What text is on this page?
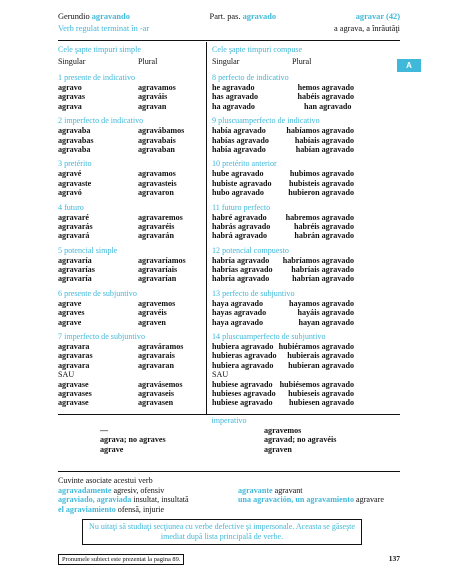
Gerundio agravando	Part. pas. agravado	agravar (42)
Verb regulat terminat în -ar	a agrava, a înrăutăţi
A
Cele şapte timpuri simple
Singular	Plural
1 presente de indicativo
agravo	agravamos
agravas	agraváis
agrava	agravan
2 imperfecto de indicativo
agravaba	agravábamos
agravabas	agravabais
agravaba	agravaban
3 pretérito
agravé	agravamos
agravaste	agravasteis
agravó	agravaron
4 futuro
agravaré	agravaremos
agravarás	agravaréis
agravará	agravarán
5 potencial simple
agravaría	agravaríamos
agravarías	agravaríais
agravaría	agravarían
6 presente de subjuntivo
agrave	agravemos
agraves	agravéis
agrave	agraven
7 imperfecto de subjuntivo
agravara	agraváramos
agravaras	agravarais
agravara	agravaran
SAU
agravase	agravásemos
agravases	agravaseis
agravase	agravasen
Cele şapte timpuri compuse
Singular	Plural
8 perfecto de indicativo
he agravado	hemos agravado
has agravado	habéis agravado
ha agravado	han agravado
9 pluscuamperfecto de indicativo
había agravado	habíamos agravado
habías agravado	habíais agravado
había agravado	habían agravado
10 pretérito anterior
hube agravado	hubimos agravado
hubiste agravado	hubisteis agravado
hubo agravado	hubieron agravado
11 futuro perfecto
habré agravado	habremos agravado
habrás agravado	habréis agravado
habrá agravado	habrán agravado
12 potencial compuesto
habría agravado	habríamos agravado
habrías agravado	habríais agravado
habría agravado	habrían agravado
13 perfecto de subjuntivo
haya agravado	hayamos agravado
hayas agravado	hayáis agravado
haya agravado	hayan agravado
14 pluscuamperfecto de subjuntivo
hubiera agravado hubiéramos agravado
hubieras agravado	hubierais agravado
hubiera agravado	hubieran agravado
SAU
hubiese agravado hubiésemos agravado
hubieses agravado	hubieseis agravado
hubiese agravado	hubiesen agravado
imperativo
—	agravemos
agrava; no agraves	agravad; no agravéis
agrave	agraven
Cuvinte asociate acestui verb
agravadamente agresiv, ofensiv	agravante agravant
agraviado, agraviada insultat, insultată	una agravación, un agravamiento agravare
el agraviamiento ofensă, injurie
Nu uitaţi să studiaţi secţiunea cu verbe defective şi impersonale. Aceasta se găseşte imediat după lista principală de verbe.
Pronumele subiect este prezentat la pagina 89.	137
